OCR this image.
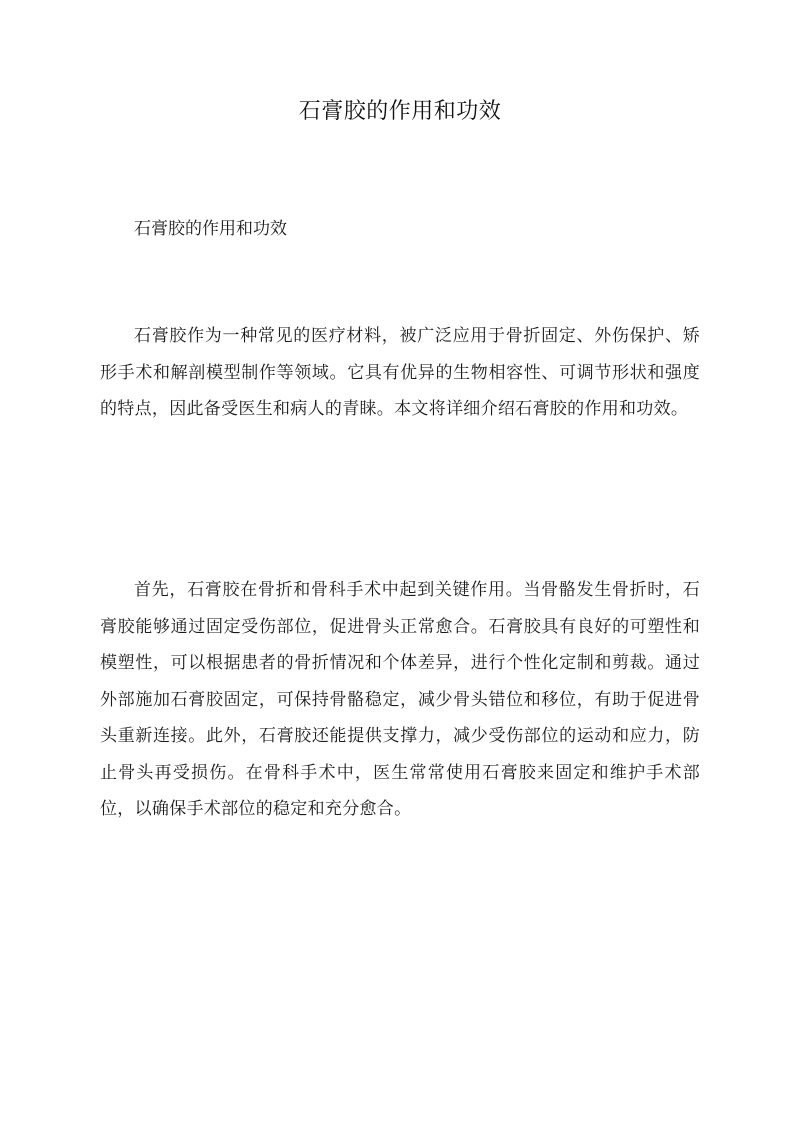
石膏胶的作用和功效
石膏胶的作用和功效

石膏胶作为一种常见的医疗材料，被广泛应用于骨折固定、外伤保护、矫形手术和解剖模型制作等领域。它具有优异的生物相容性、可调节形状和强度的特点，因此备受医生和病人的青睐。本文将详细介绍石膏胶的作用和功效。

首先，石膏胶在骨折和骨科手术中起到关键作用。当骨骼发生骨折时，石膏胶能够通过固定受伤部位，促进骨头正常愈合。石膏胶具有良好的可塑性和模塑性，可以根据患者的骨折情况和个体差异，进行个性化定制和剪裁。通过外部施加石膏胶固定，可保持骨骼稳定，减少骨头错位和移位，有助于促进骨头重新连接。此外，石膏胶还能提供支撑力，减少受伤部位的运动和应力，防止骨头再受损伤。在骨科手术中，医生常常使用石膏胶来固定和维护手术部位，以确保手术部位的稳定和充分愈合。
